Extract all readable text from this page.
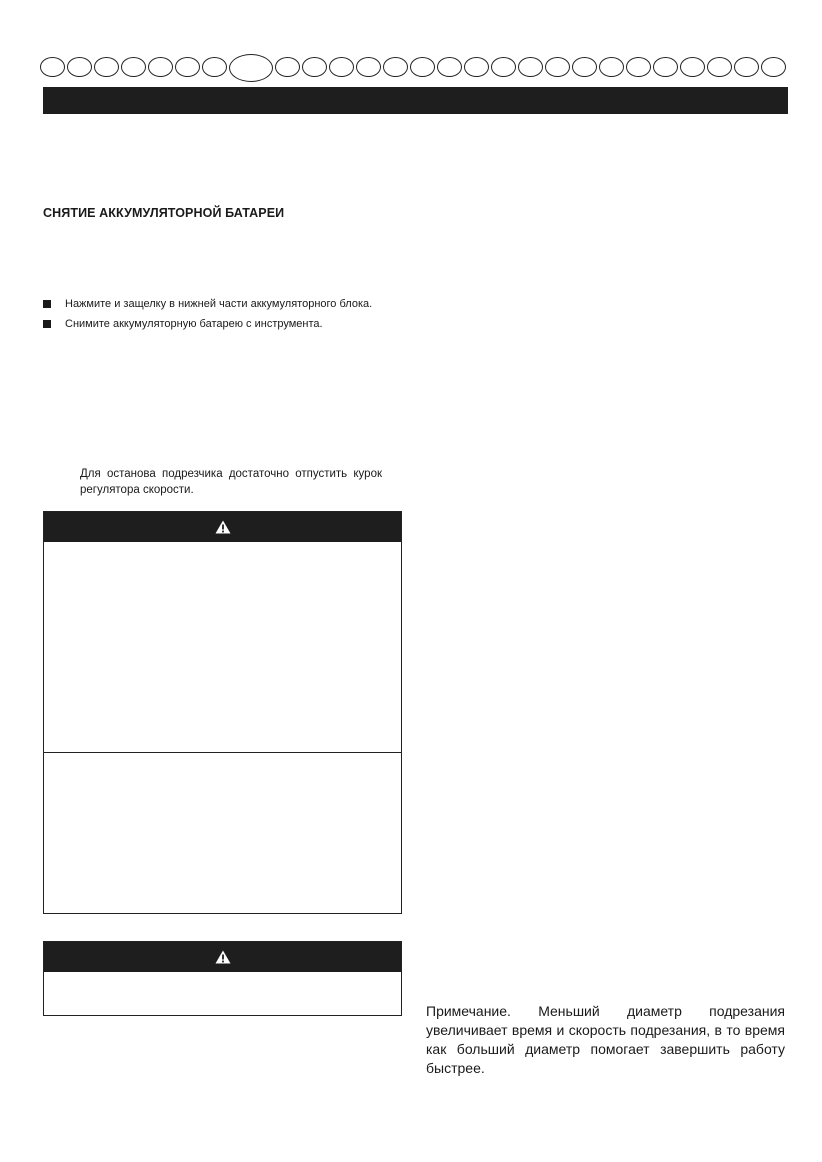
СНЯТИЕ АККУМУЛЯТОРНОЙ БАТАРЕИ
Нажмите и защелку в нижней части аккумуляторного блока.
Снимите аккумуляторную батарею с инструмента.
Для останова подрезчика достаточно отпустить курок регулятора скорости.
Примечание. Меньший диаметр подрезания увеличивает время и скорость подрезания, в то время как больший диаметр помогает завершить работу быстрее.
